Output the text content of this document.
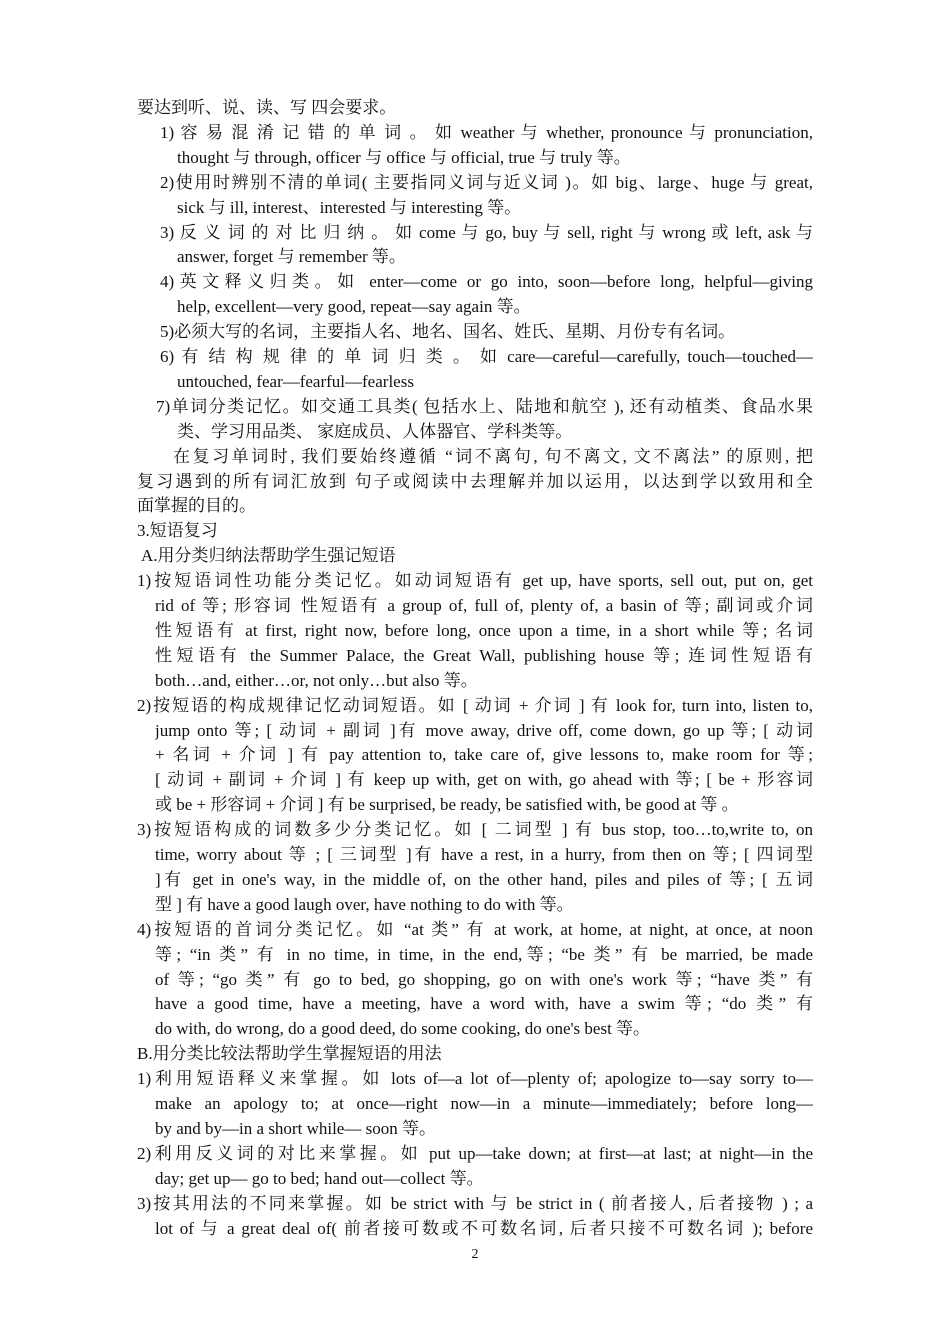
要达到听、说、读、写 四会要求。
1) 容 易 混 淆 记 错 的 单 词 。 如 weather 与 whether, pronounce 与 pronunciation,
thought 与 through, officer 与 office 与 official, true 与 truly 等。
2)使用时辨别不清的单词( 主要指同义词与近义词 )。如 big、large、huge 与 great,
sick 与 ill, interest、interested 与 interesting 等。
3) 反 义 词 的 对 比 归 纳 。 如 come 与 go, buy 与 sell, right 与 wrong 或 left, ask 与
answer, forget 与 remember 等。
4)英文释义归类。如 enter—come or go into, soon—before long, helpful—giving
help, excellent—very good, repeat—say again 等。
5)必须大写的名词，主要指人名、地名、国名、姓氏、星期、月份专有名词。
6) 有 结 构 规 律 的 单 词 归 类 。 如 care—careful—carefully, touch—touched—
untouched, fear—fearful—fearless
7)单词分类记忆。如交通工具类( 包括水上、陆地和航空 ), 还有动植类、食品水果
类、学习用品类、 家庭成员、人体器官、学科类等。
在复习单词时, 我们要始终遵循 “词不离句, 句不离文, 文不离法” 的原则, 把
复习遇到的所有词汇放到 句子或阅读中去理解并加以运用，以达到学以致用和全
面掌握的目的。
3.短语复习
A.用分类归纳法帮助学生强记短语
1)按短语词性功能分类记忆。如动词短语有 get up, have sports, sell out, put on, get
rid of 等; 形容词 性短语有 a group of, full of, plenty of, a basin of 等; 副词或介词
性短语有 at first, right now, before long, once upon a time, in a short while 等; 名词
性短语有 the Summer Palace, the Great Wall, publishing house 等; 连词性短语有
both…and, either…or, not only…but also 等。
2)按短语的构成规律记忆动词短语。如 [ 动词 + 介词 ] 有 look for, turn into, listen to,
jump onto 等; [ 动词 + 副词 ]有 move away, drive off, come down, go up 等; [ 动词
+ 名词 + 介词 ] 有 pay attention to, take care of, give lessons to, make room for 等;
[ 动词 + 副词 + 介词 ] 有 keep up with, get on with, go ahead with 等; [ be + 形容词
或 be + 形容词 + 介词 ] 有 be surprised, be ready, be satisfied with, be good at 等 。
3)按短语构成的词数多少分类记忆。如 [ 二词型 ] 有 bus stop, too…to,write to, on
time, worry about 等 ; [ 三词型 ]有 have a rest, in a hurry, from then on 等; [ 四词型
]有 get in one's way, in the middle of, on the other hand, piles and piles of 等; [ 五词
型 ] 有 have a good laugh over, have nothing to do with 等。
4)按短语的首词分类记忆。如 “at 类” 有 at work, at home, at night, at once, at noon
等; “in 类” 有 in no time, in time, in the end,等; “be 类” 有 be married, be made
of 等; “go 类” 有 go to bed, go shopping, go on with one's work 等; “have 类” 有
have a good time, have a meeting, have a word with, have a swim 等; “do 类” 有
do with, do wrong, do a good deed, do some cooking, do one's best 等。
B.用分类比较法帮助学生掌握短语的用法
1)利用短语释义来掌握。如 lots of—a lot of—plenty of; apologize to—say sorry to—
make an apology to; at once—right now—in a minute—immediately; before long—
by and by—in a short while— soon 等。
2)利用反义词的对比来掌握。如 put up—take down; at first—at last; at night—in the
day; get up— go to bed; hand out—collect 等。
3)按其用法的不同来掌握。如 be strict with 与 be strict in ( 前者接人, 后者接物 ) ; a
lot of 与 a great deal of( 前者接可数或不可数名词, 后者只接不可数名词 ); before
2
